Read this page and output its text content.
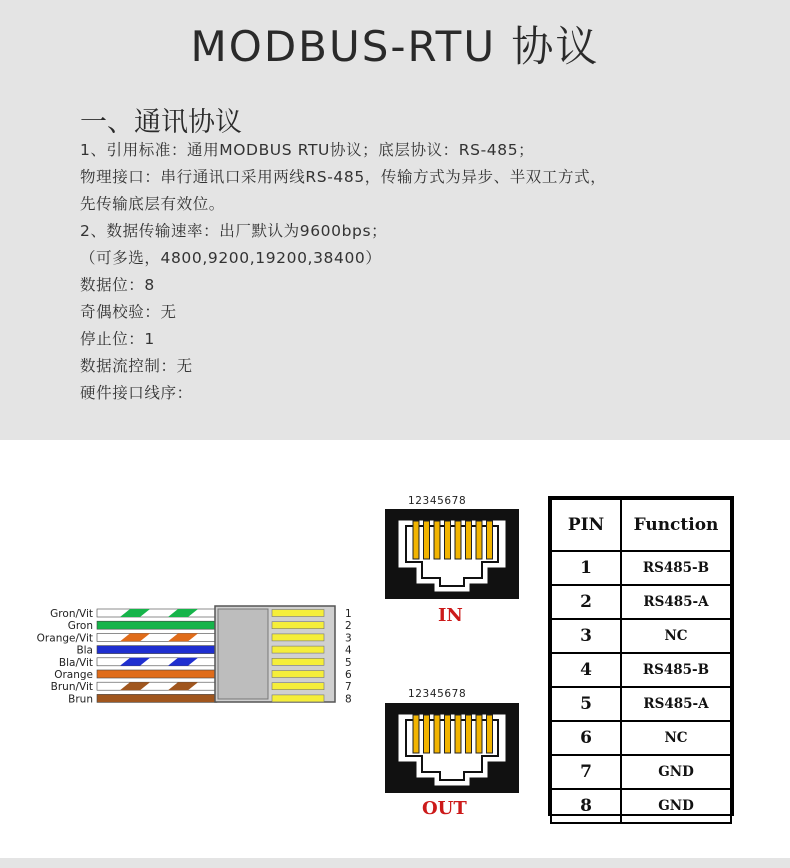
MODBUS-RTU 协议
一、通讯协议
1、引用标准：通用MODBUS RTU协议；底层协议：RS-485；
物理接口：串行通讯口采用两线RS-485，传输方式为异步、半双工方式，
先传输底层有效位。
2、数据传输速率：出厂默认为9600bps；
（可多选，4800,9200,19200,38400）
数据位：8
奇偶校验：无
停止位：1
数据流控制：无
硬件接口线序：
Gron/Vit
Gron
Orange/Vit
Bla
Bla/Vit
Orange
Brun/Vit
Brun
1
2
3
4
5
6
7
8
12345678
IN
12345678
OUT
PIN	Function
1	RS485-B
2	RS485-A
3	NC
4	RS485-B
5	RS485-A
6	NC
7	GND
8	GND
